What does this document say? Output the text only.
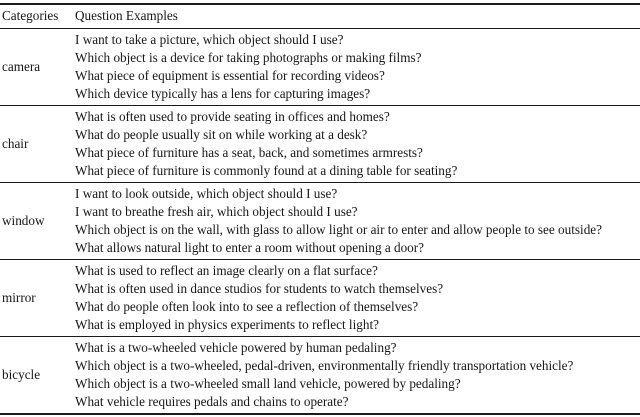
Categories	Question Examples
camera	I want to take a picture, which object should I use?
Which object is a device for taking photographs or making films?
What piece of equipment is essential for recording videos?
Which device typically has a lens for capturing images?

chair	What is often used to provide seating in offices and homes?
What do people usually sit on while working at a desk?
What piece of furniture has a seat, back, and sometimes armrests?
What piece of furniture is commonly found at a dining table for seating?

window	I want to look outside, which object should I use?
I want to breathe fresh air, which object should I use?
Which object is on the wall, with glass to allow light or air to enter and allow people to see outside?
What allows natural light to enter a room without opening a door?

mirror	What is used to reflect an image clearly on a flat surface?
What is often used in dance studios for students to watch themselves?
What do people often look into to see a reflection of themselves?
What is employed in physics experiments to reflect light?

bicycle	What is a two-wheeled vehicle powered by human pedaling?
Which object is a two-wheeled, pedal-driven, environmentally friendly transportation vehicle?
Which object is a two-wheeled small land vehicle, powered by pedaling?
What vehicle requires pedals and chains to operate?
